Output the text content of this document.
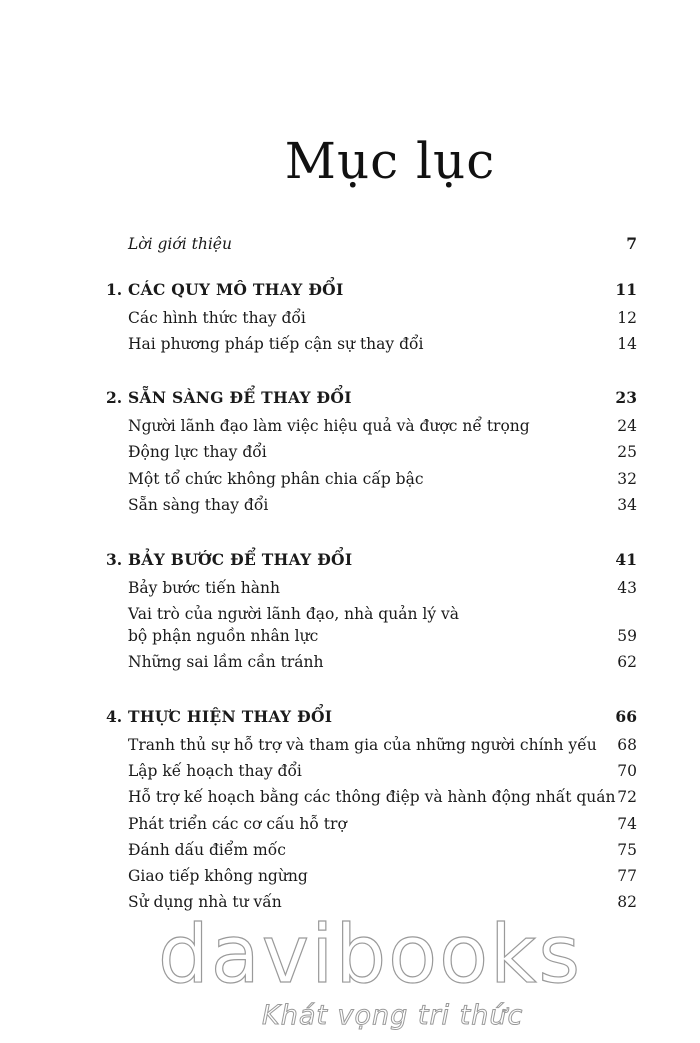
Mục lục
Lời giới thiệu	7
1. CÁC QUY MÔ THAY ĐỔI	11
Các hình thức thay đổi	12
Hai phương pháp tiếp cận sự thay đổi	14
2. SẴN SÀNG ĐỂ THAY ĐỔI	23
Người lãnh đạo làm việc hiệu quả và được nể trọng	24
Động lực thay đổi	25
Một tổ chức không phân chia cấp bậc	32
Sẵn sàng thay đổi	34
3. BẢY BƯỚC ĐỂ THAY ĐỔI	41
Bảy bước tiến hành	43
Vai trò của người lãnh đạo, nhà quản lý và
bộ phận nguồn nhân lực	59
Những sai lầm cần tránh	62
4. THỰC HIỆN THAY ĐỔI	66
Tranh thủ sự hỗ trợ và tham gia của những người chính yếu 68
Lập kế hoạch thay đổi	70
Hỗ trợ kế hoạch bằng các thông điệp và hành động nhất quán 72
Phát triển các cơ cấu hỗ trợ	74
Đánh dấu điểm mốc	75
Giao tiếp không ngừng	77
Sử dụng nhà tư vấn	82
davibooks
Khát vọng tri thức
